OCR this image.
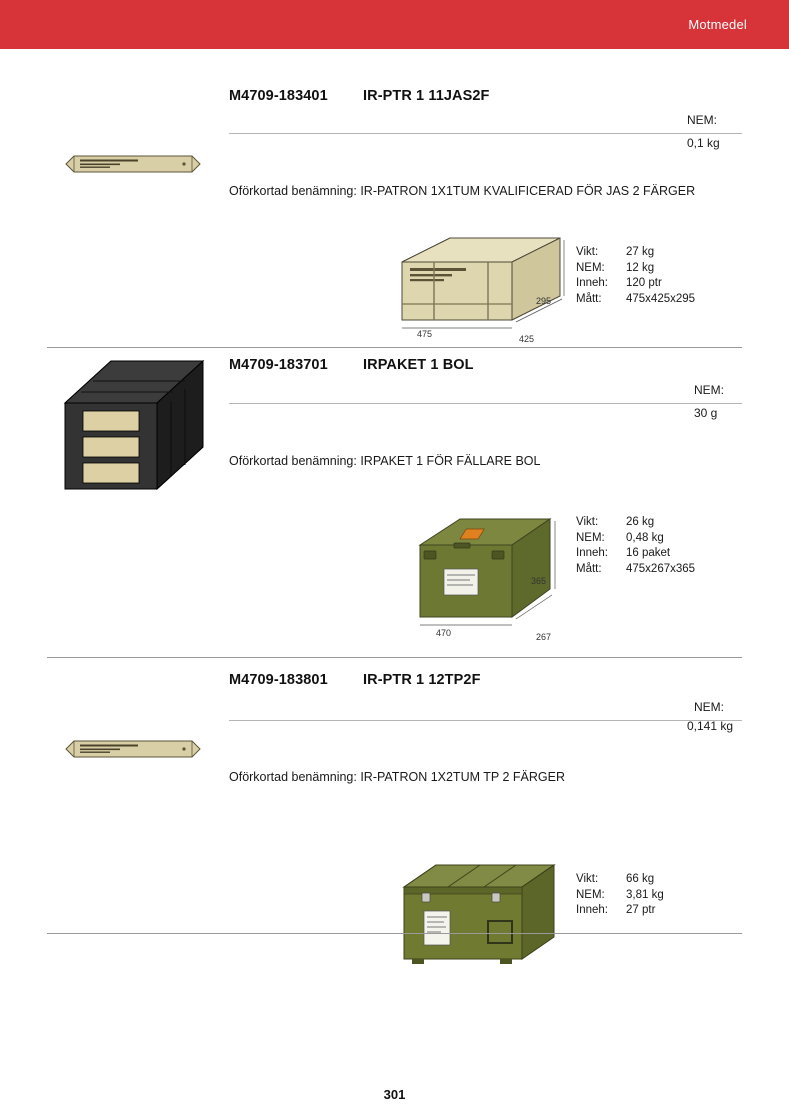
Motmedel
M4709-183401 IR-PTR 1 11JAS2F
NEM:
0,1 kg
Oförkortad benämning: IR-PATRON 1X1TUM KVALIFICERAD FÖR JAS 2 FÄRGER
475	425
295
Vikt:	27 kg
NEM:	12 kg
Inneh:	120 ptr
Mått:	475x425x295
M4709-183701 IRPAKET 1 BOL
NEM:
30 g
Oförkortad benämning: IRPAKET 1 FÖR FÄLLARE BOL
470	267
365
Vikt:	26 kg
NEM:	0,48 kg
Inneh:	16 paket
Mått:	475x267x365
M4709-183801 IR-PTR 1 12TP2F
NEM:
0,141 kg
Oförkortad benämning: IR-PATRON 1X2TUM TP 2 FÄRGER
Vikt:	66 kg
NEM:	3,81 kg
Inneh:	27 ptr
301
